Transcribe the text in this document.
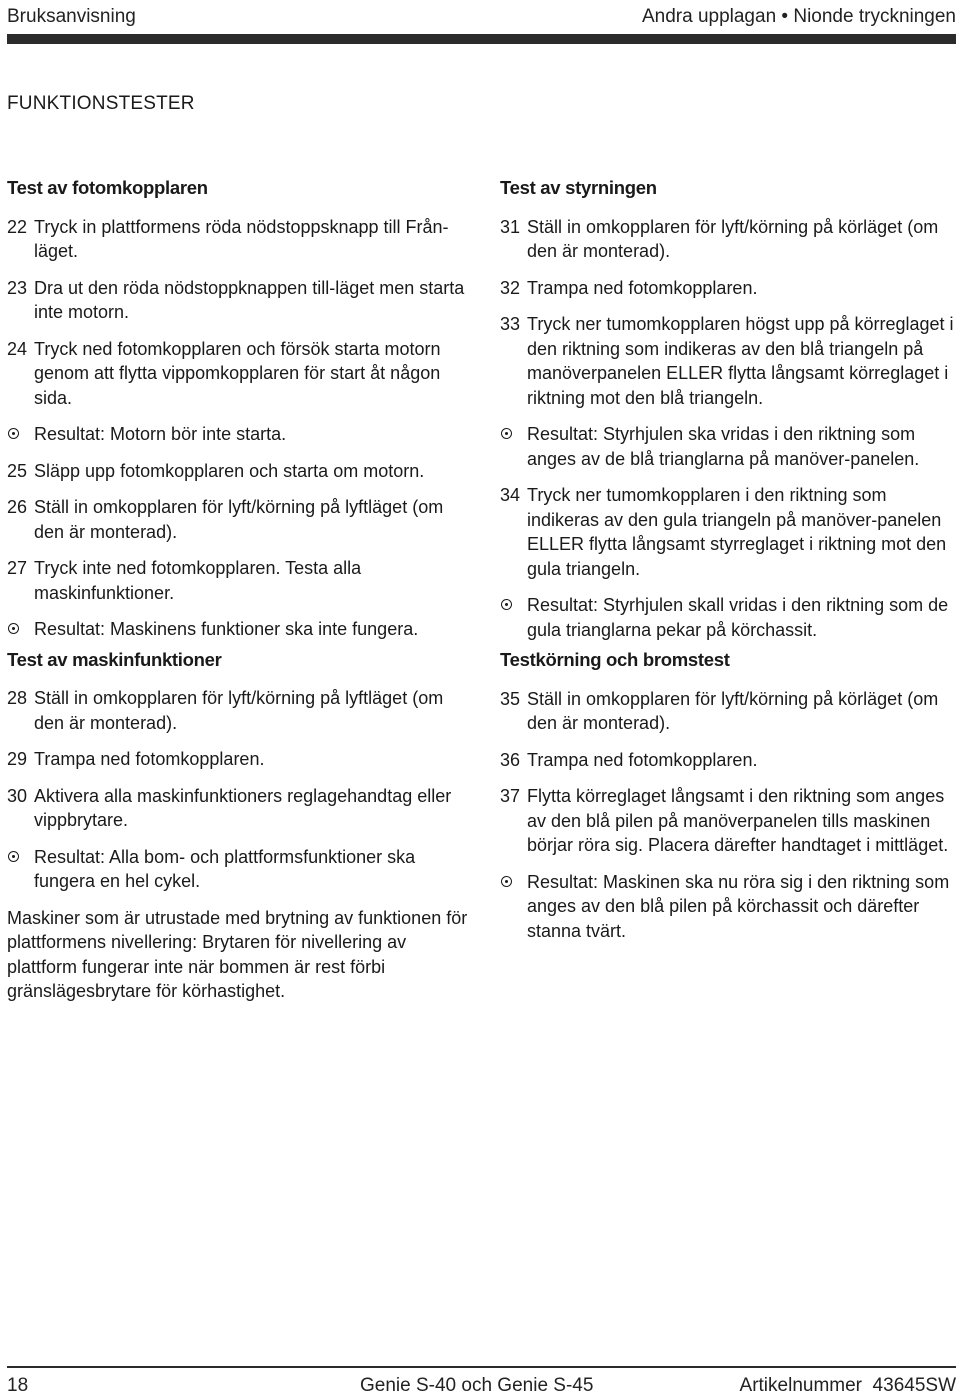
Bruksanvisning	Andra upplagan • Nionde tryckningen
FUNKTIONSTESTER
Test av fotomkopplaren
22 Tryck in plattformens röda nödstoppsknapp till Från-läget.
23 Dra ut den röda nödstoppknappen till-läget men starta inte motorn.
24 Tryck ned fotomkopplaren och försök starta motorn genom att flytta vippomkopplaren för start åt någon sida.
Resultat: Motorn bör inte starta.
25 Släpp upp fotomkopplaren och starta om motorn.
26 Ställ in omkopplaren för lyft/körning på lyftläget (om den är monterad).
27 Tryck inte ned fotomkopplaren. Testa alla maskinfunktioner.
Resultat: Maskinens funktioner ska inte fungera.
Test av maskinfunktioner
28 Ställ in omkopplaren för lyft/körning på lyftläget (om den är monterad).
29 Trampa ned fotomkopplaren.
30 Aktivera alla maskinfunktioners reglagehandtag eller vippbrytare.
Resultat: Alla bom- och plattformsfunktioner ska fungera en hel cykel.

Maskiner som är utrustade med brytning av funktionen för plattformens nivellering: Brytaren för nivellering av plattform fungerar inte när bommen är rest förbi gränslägesbrytare för körhastighet.

Test av styrningen
31 Ställ in omkopplaren för lyft/körning på körläget (om den är monterad).
32 Trampa ned fotomkopplaren.
33 Tryck ner tumomkopplaren högst upp på körreglaget i den riktning som indikeras av den blå triangeln på manöverpanelen ELLER flytta långsamt körreglaget i riktning mot den blå triangeln.
Resultat: Styrhjulen ska vridas i den riktning som anges av de blå trianglarna på manöver-panelen.
34 Tryck ner tumomkopplaren i den riktning som indikeras av den gula triangeln på manöver-panelen ELLER flytta långsamt styrreglaget i riktning mot den gula triangeln.
Resultat: Styrhjulen skall vridas i den riktning som de gula trianglarna pekar på körchassit.
Testkörning och bromstest
35 Ställ in omkopplaren för lyft/körning på körläget (om den är monterad).
36 Trampa ned fotomkopplaren.
37 Flytta körreglaget långsamt i den riktning som anges av den blå pilen på manöverpanelen tills maskinen börjar röra sig. Placera därefter handtaget i mittläget.
Resultat: Maskinen ska nu röra sig i den riktning som anges av den blå pilen på körchassit och därefter stanna tvärt.
18	Genie S-40 och Genie S-45	Artikelnummer  43645SW
